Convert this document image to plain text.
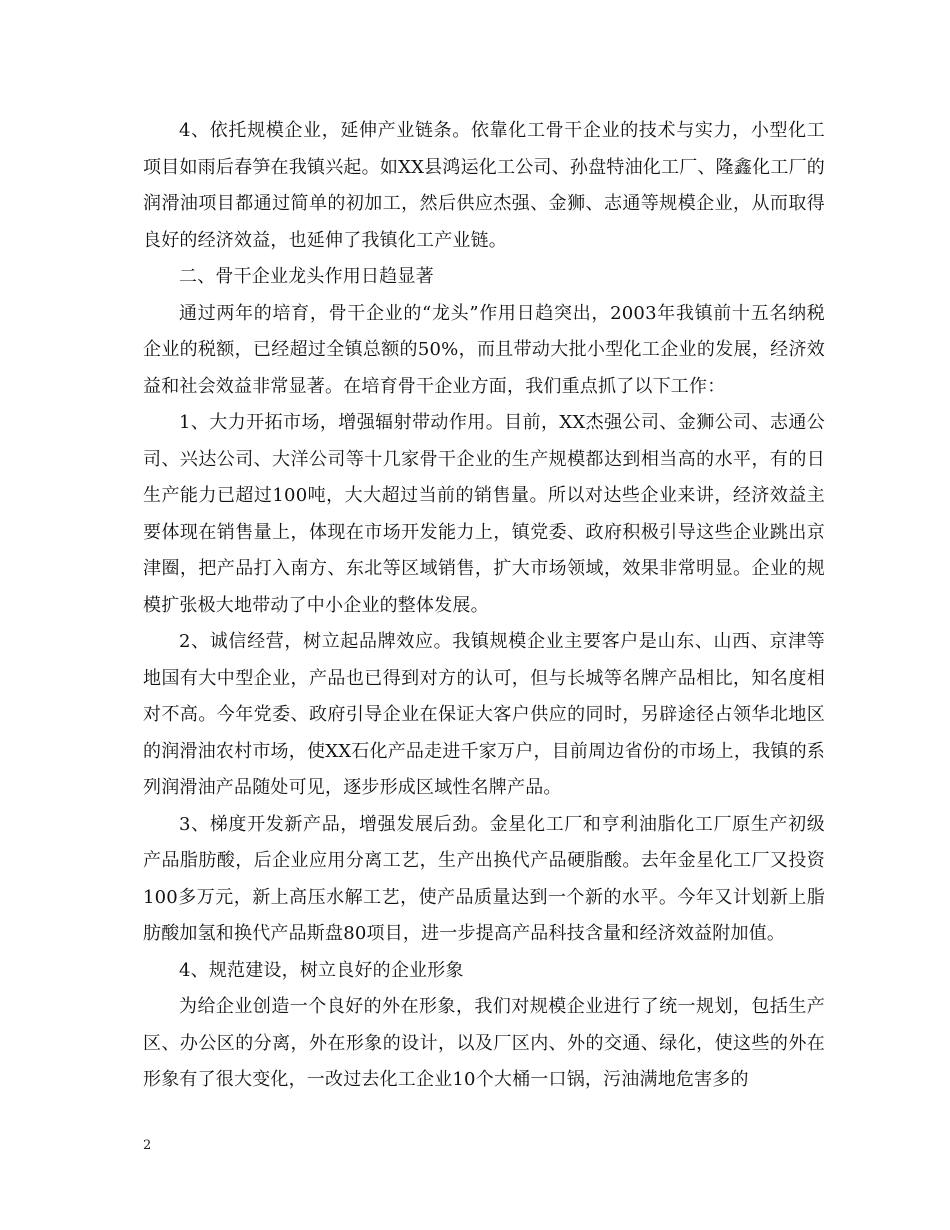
4、依托规模企业，延伸产业链条。依靠化工骨干企业的技术与实力，小型化工项目如雨后春笋在我镇兴起。如XX县鸿运化工公司、孙盘特油化工厂、隆鑫化工厂的润滑油项目都通过简单的初加工，然后供应杰强、金狮、志通等规模企业，从而取得良好的经济效益，也延伸了我镇化工产业链。

二、骨干企业龙头作用日趋显著

通过两年的培育，骨干企业的“龙头”作用日趋突出，2003年我镇前十五名纳税企业的税额，已经超过全镇总额的50%，而且带动大批小型化工企业的发展，经济效益和社会效益非常显著。在培育骨干企业方面，我们重点抓了以下工作：

1、大力开拓市场，增强辐射带动作用。目前，XX杰强公司、金狮公司、志通公司、兴达公司、大洋公司等十几家骨干企业的生产规模都达到相当高的水平，有的日生产能力已超过100吨，大大超过当前的销售量。所以对达些企业来讲，经济效益主要体现在销售量上，体现在市场开发能力上，镇党委、政府积极引导这些企业跳出京津圈，把产品打入南方、东北等区域销售，扩大市场领域，效果非常明显。企业的规模扩张极大地带动了中小企业的整体发展。

2、诚信经营，树立起品牌效应。我镇规模企业主要客户是山东、山西、京津等地国有大中型企业，产品也已得到对方的认可，但与长城等名牌产品相比，知名度相对不高。今年党委、政府引导企业在保证大客户供应的同时，另辟途径占领华北地区的润滑油农村市场，使XX石化产品走进千家万户，目前周边省份的市场上，我镇的系列润滑油产品随处可见，逐步形成区域性名牌产品。

3、梯度开发新产品，增强发展后劲。金星化工厂和亨利油脂化工厂原生产初级产品脂肪酸，后企业应用分离工艺，生产出换代产品硬脂酸。去年金星化工厂又投资100多万元，新上高压水解工艺，使产品质量达到一个新的水平。今年又计划新上脂肪酸加氢和换代产品斯盘80项目，进一步提高产品科技含量和经济效益附加值。

4、规范建设，树立良好的企业形象

为给企业创造一个良好的外在形象，我们对规模企业进行了统一规划，包括生产区、办公区的分离，外在形象的设计，以及厂区内、外的交通、绿化，使这些的外在形象有了很大变化，一改过去化工企业10个大桶一口锅，污油满地危害多的

2
